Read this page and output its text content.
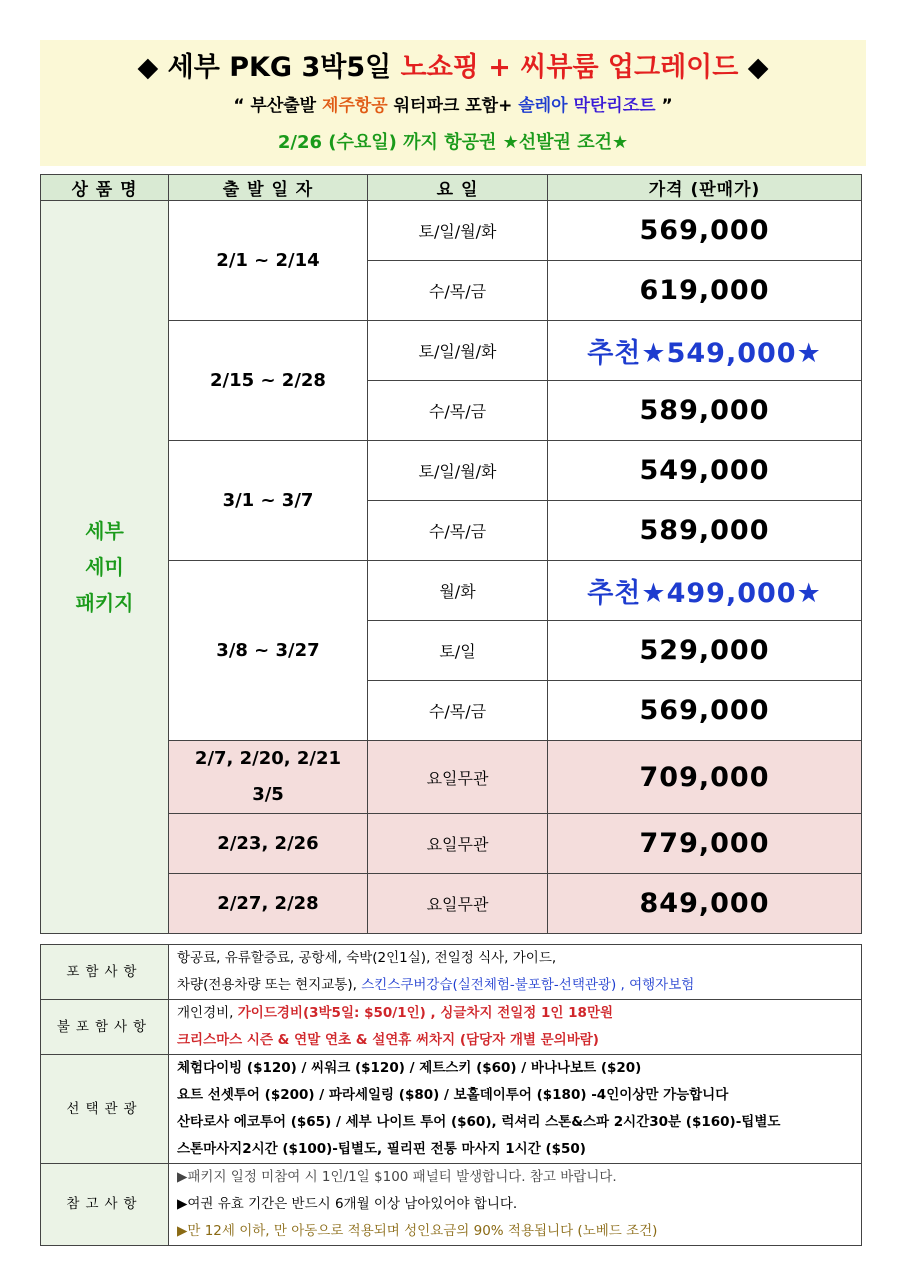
◆ 세부 PKG 3박5일 노쇼핑 + 씨뷰룸 업그레이드 ◆
“ 부산출발 제주항공 워터파크 포함+ 솔레아 막탄리조트 ”
2/26 (수요일) 까지 항공권 ★선발권 조건★
상 품 명	출 발 일 자	요 일	가격 (판매가)

세부
세미
패키지	2/1 ~ 2/14	토/일/월/화	569,000
		수/목/금	619,000
	2/15 ~ 2/28	토/일/월/화	추천★549,000★
		수/목/금	589,000
	3/1 ~ 3/7	토/일/월/화	549,000
		수/목/금	589,000
	3/8 ~ 3/27	월/화	추천★499,000★
		토/일	529,000
		수/목/금	569,000

	2/7, 2/20, 2/21
3/5	요일무관	709,000
	2/23, 2/26	요일무관	779,000
	2/27, 2/28	요일무관	849,000
포함사항	항공료, 유류할증료, 공항세, 숙박(2인1실), 전일정 식사, 가이드,
차량(전용차량 또는 현지교통), 스킨스쿠버강습(실전체험-불포함-선택관광) , 여행자보험

불포함사항	개인경비, 가이드경비(3박5일: $50/1인) , 싱글차지 전일정 1인 18만원
크리스마스 시즌 & 연말 연초 & 설연휴 써차지 (담당자 개별 문의바람)

선택관광	체험다이빙 ($120) / 씨워크 ($120) / 제트스키 ($60) / 바나나보트 ($20)
요트 선셋투어 ($200) / 파라세일링 ($80) / 보홀데이투어 ($180) -4인이상만 가능합니다
산타로사 에코투어 ($65) / 세부 나이트 투어 ($60), 럭셔리 스톤&스파 2시간30분 ($160)-팁별도
스톤마사지2시간 ($100)-팁별도, 필리핀 전통 마사지 1시간 ($50)

참고사항	▶패키지 일정 미참여 시 1인/1일 $100 패널티 발생합니다. 참고 바랍니다.
▶여권 유효 기간은 반드시 6개월 이상 남아있어야 합니다.
▶만 12세 이하, 만 아동으로 적용되며 성인요금의 90% 적용됩니다 (노베드 조건)
